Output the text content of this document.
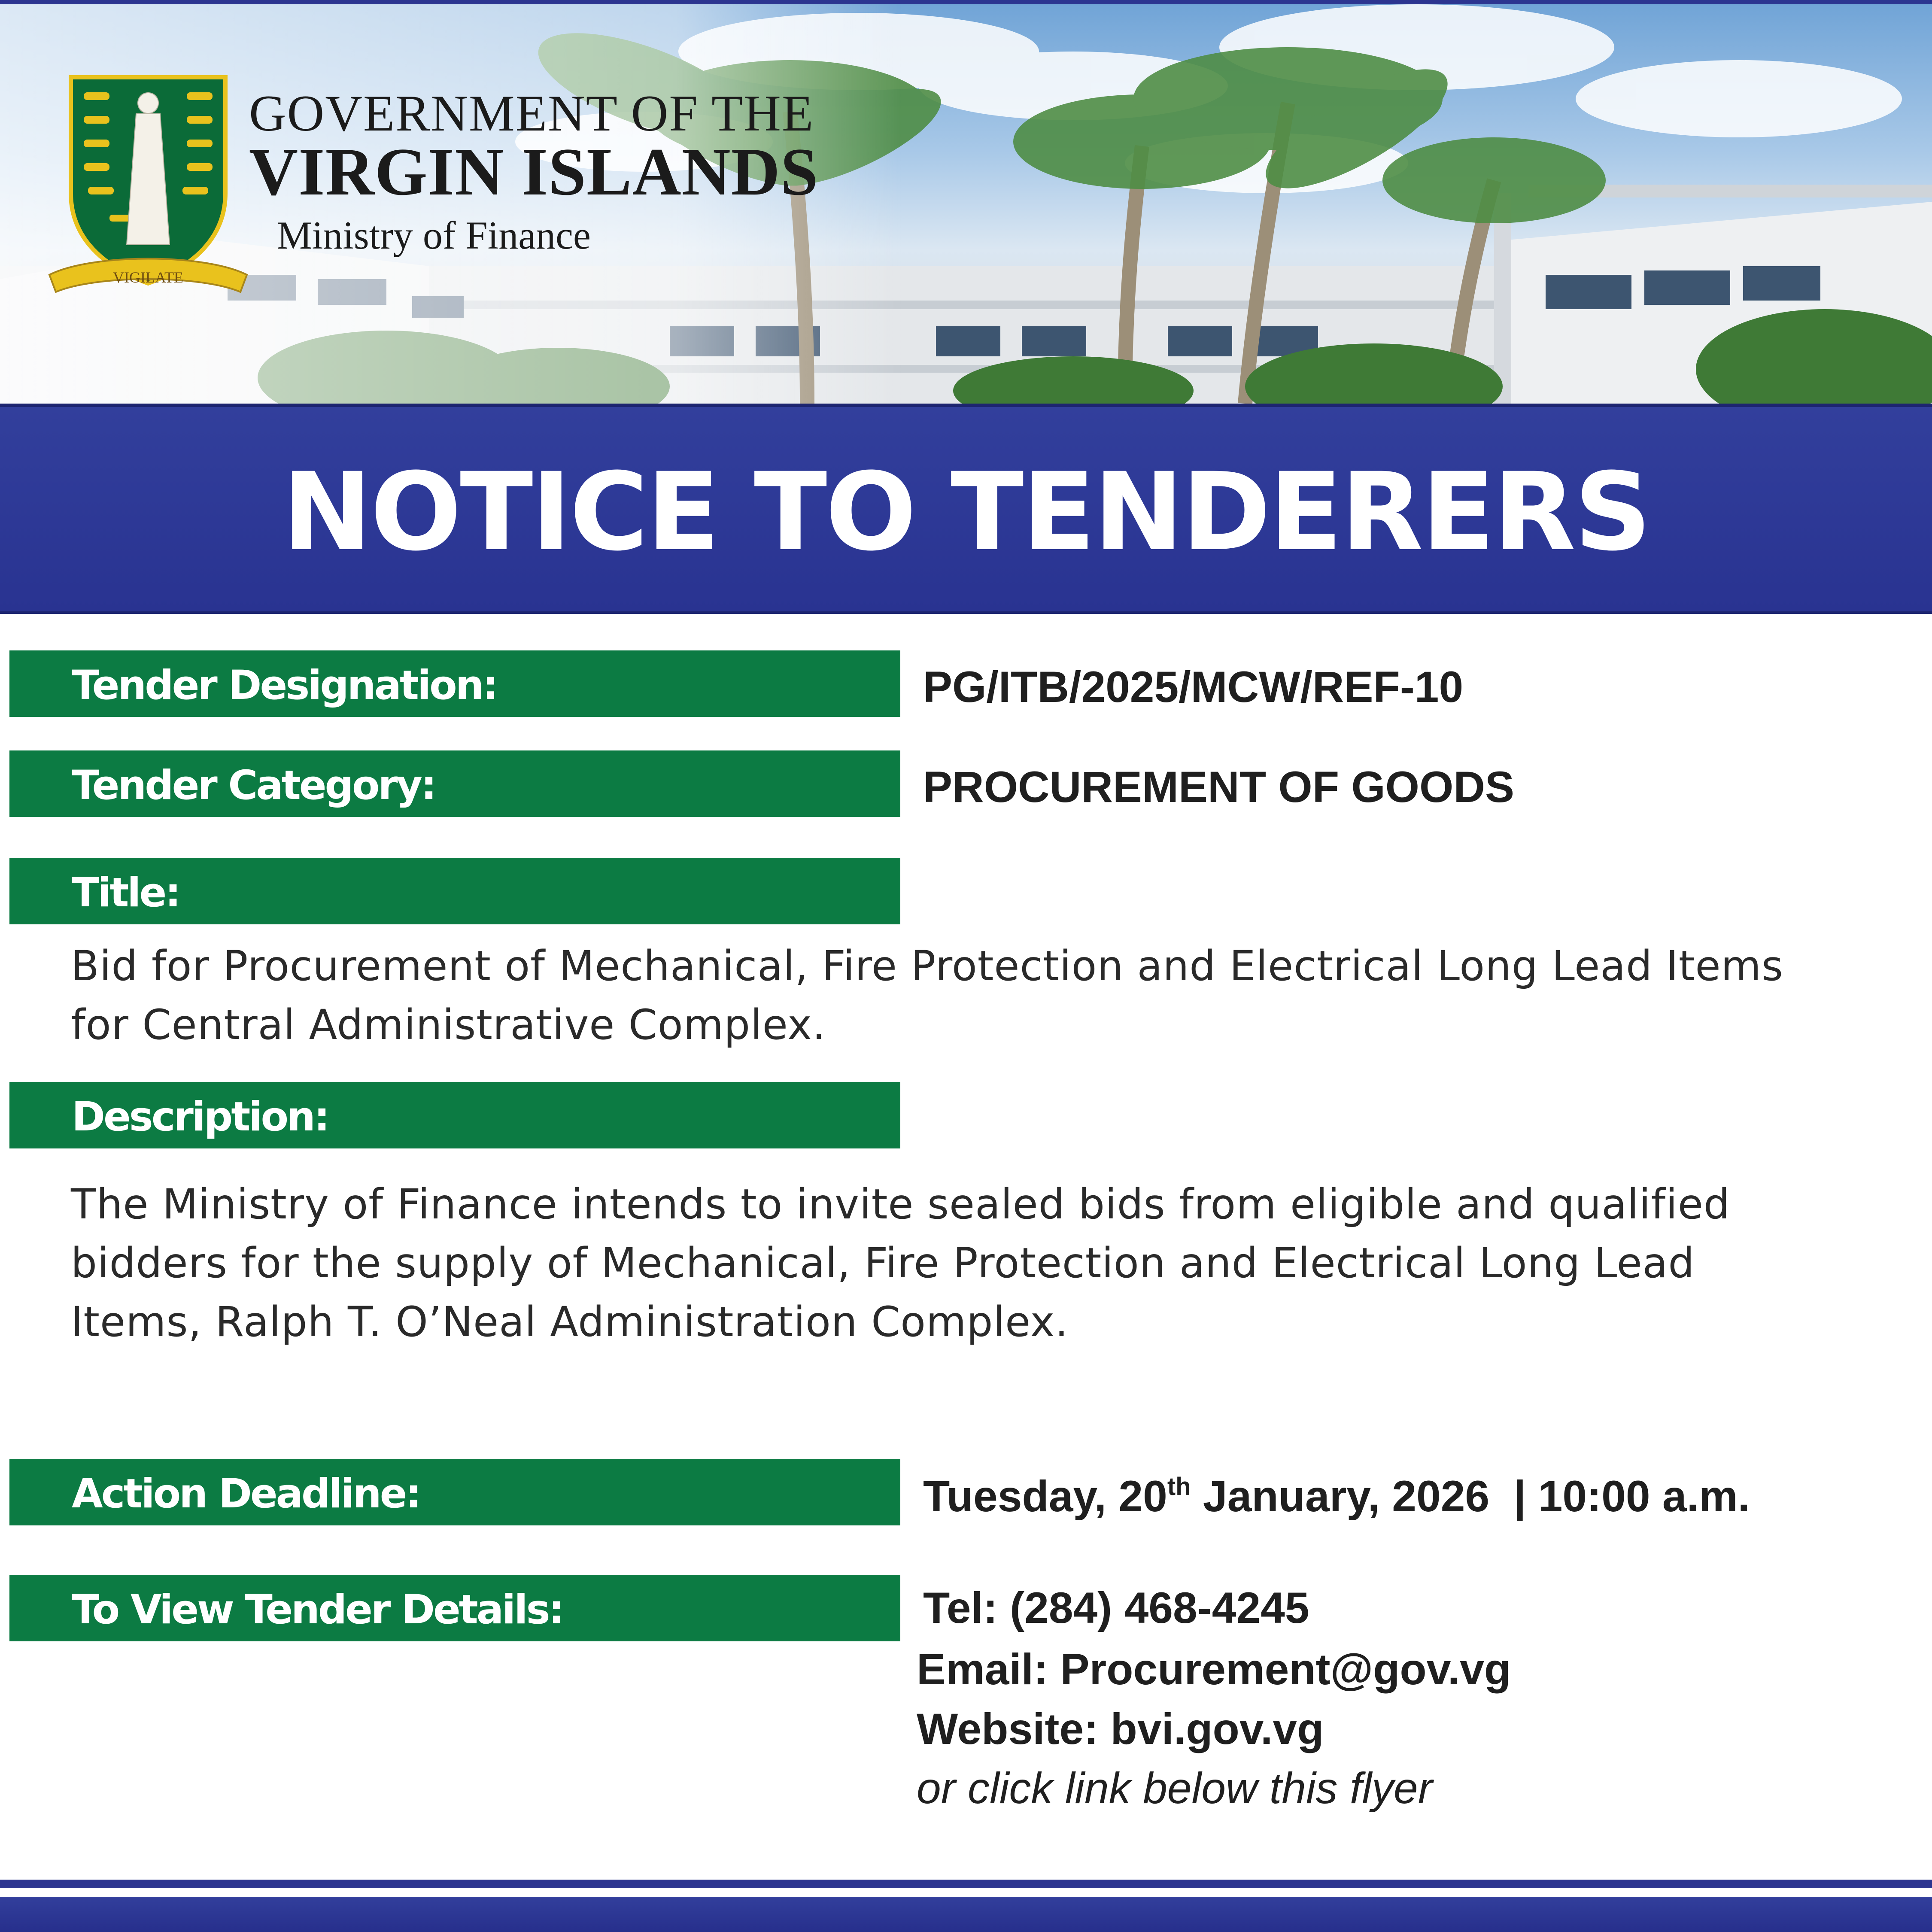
VIGILATE
GOVERNMENT OF THE
VIRGIN ISLANDS
Ministry of Finance
NOTICE TO TENDERERS
Tender Designation:	PG/ITB/2025/MCW/REF-10
Tender Category:	PROCUREMENT OF GOODS
Title:
Bid for Procurement of Mechanical, Fire Protection and Electrical Long Lead Items
for Central Administrative Complex.
Description:
The Ministry of Finance intends to invite sealed bids from eligible and qualified
bidders for the supply of Mechanical, Fire Protection and Electrical Long Lead
Items, Ralph T. O’Neal Administration Complex.
Action Deadline:	Tuesday, 20th January, 2026  | 10:00 a.m.
To View Tender Details:	Tel: (284) 468-4245
Email: Procurement@gov.vg
Website: bvi.gov.vg
or click link below this flyer
